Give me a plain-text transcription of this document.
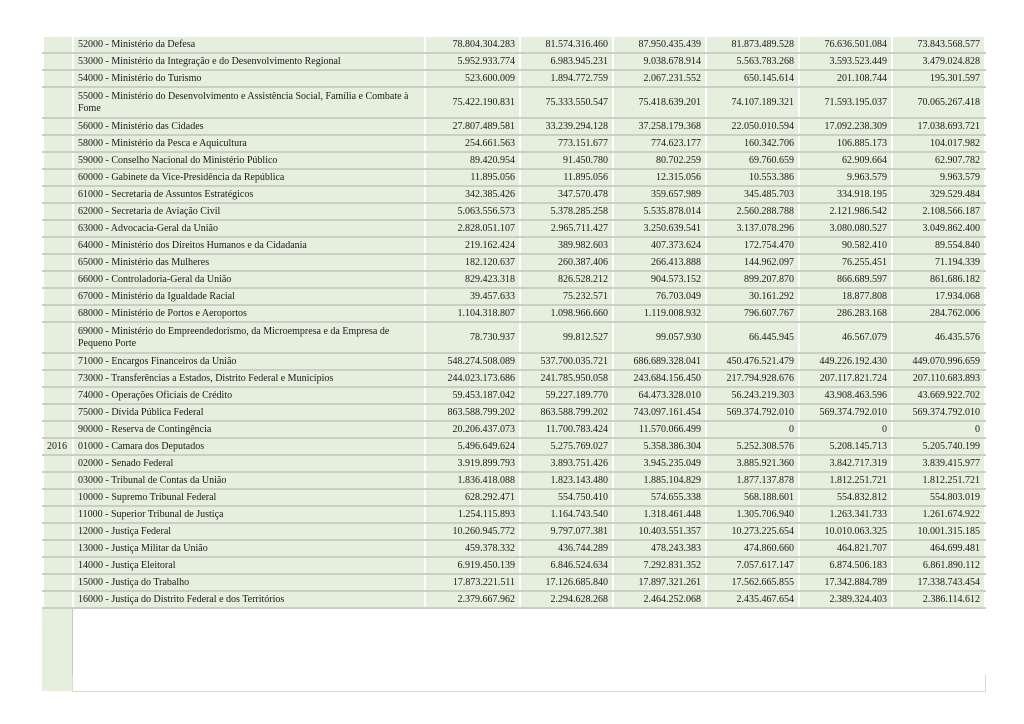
	52000 - Ministério da Defesa	78.804.304.283	81.574.316.460	87.950.435.439	81.873.489.528	76.636.501.084	73.843.568.577
	53000 - Ministério da Integração e do Desenvolvimento Regional	5.952.933.774	6.983.945.231	9.038.678.914	5.563.783.268	3.593.523.449	3.479.024.828
	54000 - Ministério do Turismo	523.600.009	1.894.772.759	2.067.231.552	650.145.614	201.108.744	195.301.597
	55000 - Ministério do Desenvolvimento e Assistência Social, Família e Combate à Fome	75.422.190.831	75.333.550.547	75.418.639.201	74.107.189.321	71.593.195.037	70.065.267.418
	56000 - Ministério das Cidades	27.807.489.581	33.239.294.128	37.258.179.368	22.050.010.594	17.092.238.309	17.038.693.721
	58000 - Ministério da Pesca e Aquicultura	254.661.563	773.151.677	774.623.177	160.342.706	106.885.173	104.017.982
	59000 - Conselho Nacional do Ministério Público	89.420.954	91.450.780	80.702.259	69.760.659	62.909.664	62.907.782
	60000 - Gabinete da Vice-Presidência da República	11.895.056	11.895.056	12.315.056	10.553.386	9.963.579	9.963.579
	61000 - Secretaria de Assuntos Estratégicos	342.385.426	347.570.478	359.657.989	345.485.703	334.918.195	329.529.484
	62000 - Secretaria de Aviação Civil	5.063.556.573	5.378.285.258	5.535.878.014	2.560.288.788	2.121.986.542	2.108.566.187
	63000 - Advocacia-Geral da União	2.828.051.107	2.965.711.427	3.250.639.541	3.137.078.296	3.080.080.527	3.049.862.400
	64000 - Ministério dos Direitos Humanos e da Cidadania	219.162.424	389.982.603	407.373.624	172.754.470	90.582.410	89.554.840
	65000 - Ministério das Mulheres	182.120.637	260.387.406	266.413.888	144.962.097	76.255.451	71.194.339
	66000 - Controladoria-Geral da União	829.423.318	826.528.212	904.573.152	899.207.870	866.689.597	861.686.182
	67000 - Ministério da Igualdade Racial	39.457.633	75.232.571	76.703.049	30.161.292	18.877.808	17.934.068
	68000 - Ministério de Portos e Aeroportos	1.104.318.807	1.098.966.660	1.119.008.932	796.607.767	286.283.168	284.762.006
	69000 - Ministério do Empreendedorismo, da Microempresa e da Empresa de Pequeno Porte	78.730.937	99.812.527	99.057.930	66.445.945	46.567.079	46.435.576
	71000 - Encargos Financeiros da União	548.274.508.089	537.700.035.721	686.689.328.041	450.476.521.479	449.226.192.430	449.070.996.659
	73000 - Transferências a Estados, Distrito Federal e Municípios	244.023.173.686	241.785.950.058	243.684.156.450	217.794.928.676	207.117.821.724	207.110.683.893
	74000 - Operações Oficiais de Crédito	59.453.187.042	59.227.189.770	64.473.328.010	56.243.219.303	43.908.463.596	43.669.922.702
	75000 - Dívida Pública Federal	863.588.799.202	863.588.799.202	743.097.161.454	569.374.792.010	569.374.792.010	569.374.792.010
	90000 - Reserva de Contingência	20.206.437.073	11.700.783.424	11.570.066.499	0	0	0
2016	01000 - Camara dos Deputados	5.496.649.624	5.275.769.027	5.358.386.304	5.252.308.576	5.208.145.713	5.205.740.199
	02000 - Senado Federal	3.919.899.793	3.893.751.426	3.945.235.049	3.885.921.360	3.842.717.319	3.839.415.977
	03000 - Tribunal de Contas da União	1.836.418.088	1.823.143.480	1.885.104.829	1.877.137.878	1.812.251.721	1.812.251.721
	10000 - Supremo Tribunal Federal	628.292.471	554.750.410	574.655.338	568.188.601	554.832.812	554.803.019
	11000 - Superior Tribunal de Justiça	1.254.115.893	1.164.743.540	1.318.461.448	1.305.706.940	1.263.341.733	1.261.674.922
	12000 - Justiça Federal	10.260.945.772	9.797.077.381	10.403.551.357	10.273.225.654	10.010.063.325	10.001.315.185
	13000 - Justiça Militar da União	459.378.332	436.744.289	478.243.383	474.860.660	464.821.707	464.699.481
	14000 - Justiça Eleitoral	6.919.450.139	6.846.524.634	7.292.831.352	7.057.617.147	6.874.506.183	6.861.890.112
	15000 - Justiça do Trabalho	17.873.221.511	17.126.685.840	17.897.321.261	17.562.665.855	17.342.884.789	17.338.743.454
	16000 - Justiça do Distrito Federal e dos Territórios	2.379.667.962	2.294.628.268	2.464.252.068	2.435.467.654	2.389.324.403	2.386.114.612
